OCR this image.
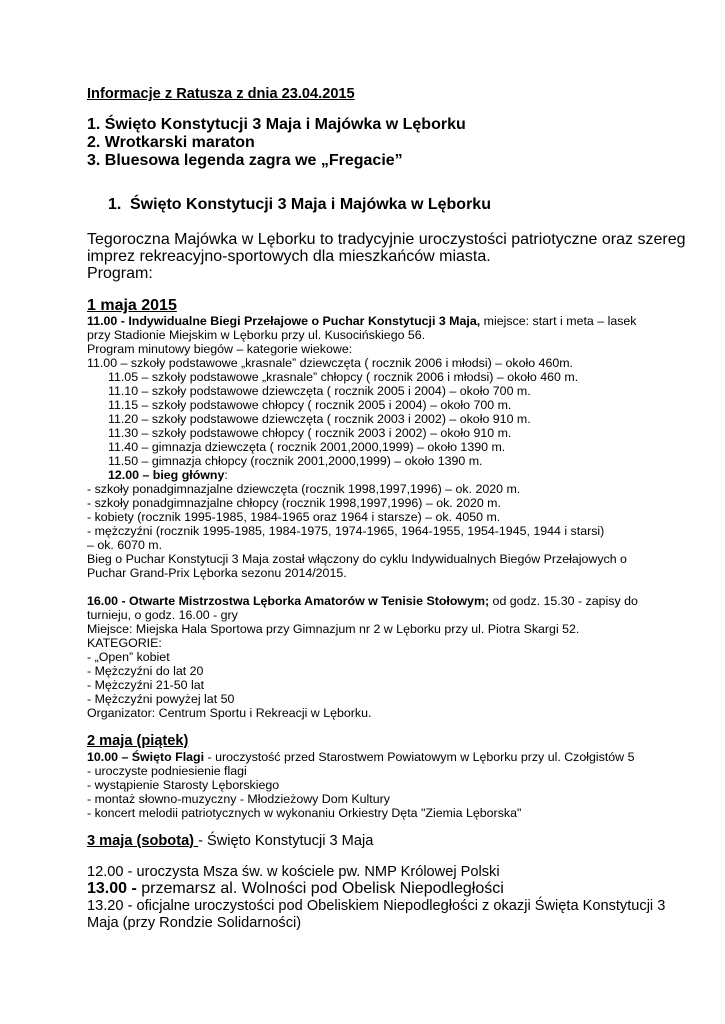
Informacje z Ratusza z dnia 23.04.2015
1. Święto Konstytucji 3 Maja i Majówka w Lęborku
2. Wrotkarski maraton
3. Bluesowa legenda zagra we „Fregacie”
1. Święto Konstytucji 3 Maja i Majówka w Lęborku
Tegoroczna Majówka w Lęborku to tradycyjnie uroczystości patriotyczne oraz szereg
imprez rekreacyjno-sportowych dla mieszkańców miasta.
Program:
1 maja 2015
11.00 - Indywidualne Biegi Przełajowe o Puchar Konstytucji 3 Maja, miejsce: start i meta – lasek
przy Stadionie Miejskim w Lęborku przy ul. Kusocińskiego 56.
Program minutowy biegów – kategorie wiekowe:
11.00 – szkoły podstawowe „krasnale” dziewczęta ( rocznik 2006 i młodsi) – około 460m.
11.05 – szkoły podstawowe „krasnale” chłopcy ( rocznik 2006 i młodsi) – około 460 m.
11.10 – szkoły podstawowe dziewczęta ( rocznik 2005 i 2004) – około 700 m.
11.15 – szkoły podstawowe chłopcy ( rocznik 2005 i 2004) – około 700 m.
11.20 – szkoły podstawowe dziewczęta ( rocznik 2003 i 2002) – około 910 m.
11.30 – szkoły podstawowe chłopcy ( rocznik 2003 i 2002) – około 910 m.
11.40 – gimnazja dziewczęta ( rocznik 2001,2000,1999) – około 1390 m.
11.50 – gimnazja chłopcy (rocznik 2001,2000,1999) – około 1390 m.
12.00 – bieg główny:
- szkoły ponadgimnazjalne dziewczęta (rocznik 1998,1997,1996) – ok. 2020 m.
- szkoły ponadgimnazjalne chłopcy (rocznik 1998,1997,1996) – ok. 2020 m.
- kobiety (rocznik 1995-1985, 1984-1965 oraz 1964 i starsze) – ok. 4050 m.
- mężczyźni (rocznik 1995-1985, 1984-1975, 1974-1965, 1964-1955, 1954-1945, 1944 i starsi)
– ok. 6070 m.
Bieg o Puchar Konstytucji 3 Maja został włączony do cyklu Indywidualnych Biegów Przełajowych o
Puchar Grand-Prix Lęborka sezonu 2014/2015.
16.00 - Otwarte Mistrzostwa Lęborka Amatorów w Tenisie Stołowym; od godz. 15.30 - zapisy do
turnieju, o godz. 16.00 - gry
Miejsce: Miejska Hala Sportowa przy Gimnazjum nr 2 w Lęborku przy ul. Piotra Skargi 52.
KATEGORIE:
- „Open” kobiet
- Mężczyźni do lat 20
- Mężczyźni 21-50 lat
- Mężczyźni powyżej lat 50
Organizator: Centrum Sportu i Rekreacji w Lęborku.
2 maja (piątek)
10.00 – Święto Flagi - uroczystość przed Starostwem Powiatowym w Lęborku przy ul. Czołgistów 5
- uroczyste podniesienie flagi
- wystąpienie Starosty Lęborskiego
- montaż słowno-muzyczny - Młodzieżowy Dom Kultury
- koncert melodii patriotycznych w wykonaniu Orkiestry Dęta "Ziemia Lęborska"
3 maja (sobota) - Święto Konstytucji 3 Maja
12.00 - uroczysta Msza św. w kościele pw. NMP Królowej Polski
13.00 - przemarsz al. Wolności pod Obelisk Niepodległości
13.20 - oficjalne uroczystości pod Obeliskiem Niepodległości z okazji Święta Konstytucji 3
Maja (przy Rondzie Solidarności)
